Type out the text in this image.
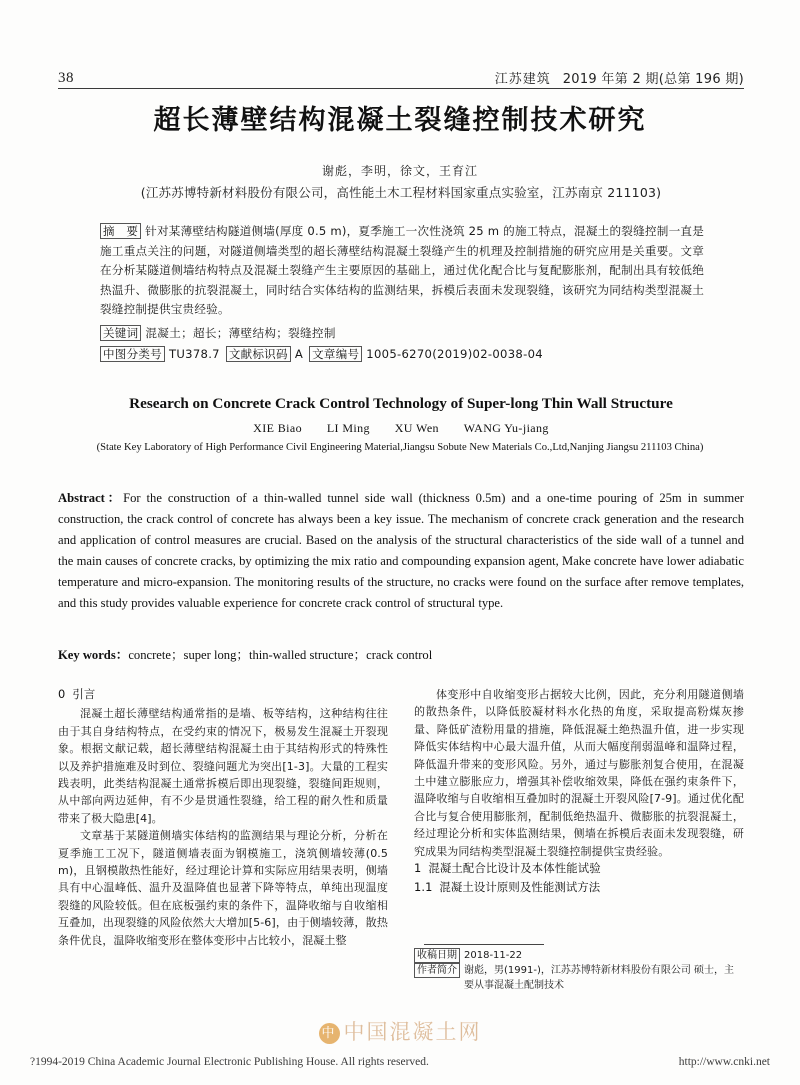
38	江苏建筑 2019 年第 2 期(总第 196 期)
超长薄壁结构混凝土裂缝控制技术研究
谢彪，李明，徐文，王育江
(江苏苏博特新材料股份有限公司，高性能土木工程材料国家重点实验室，江苏南京 211103)
摘　要 针对某薄壁结构隧道侧墙(厚度 0.5 m)，夏季施工一次性浇筑 25 m 的施工特点，混凝土的裂缝控制一直是施工重点关注的问题，对隧道侧墙类型的超长薄壁结构混凝土裂缝产生的机理及控制措施的研究应用是关重要。文章在分析某隧道侧墙结构特点及混凝土裂缝产生主要原因的基础上，通过优化配合比与复配膨胀剂，配制出具有较低绝热温升、微膨胀的抗裂混凝土，同时结合实体结构的监测结果，拆模后表面未发现裂缝，该研究为同结构类型混凝土裂缝控制提供宝贵经验。
关键词 混凝土；超长；薄壁结构；裂缝控制
中图分类号 TU378.7 文献标识码 A 文章编号 1005-6270(2019)02-0038-04
Research on Concrete Crack Control Technology of Super-long Thin Wall Structure
XIE Biao　　LI Ming　　XU Wen　　WANG Yu-jiang
(State Key Laboratory of High Performance Civil Engineering Material,Jiangsu Sobute New Materials Co.,Ltd,Nanjing Jiangsu 211103 China)
Abstract：For the construction of a thin-walled tunnel side wall (thickness 0.5m) and a one-time pouring of 25m in summer construction, the crack control of concrete has always been a key issue. The mechanism of concrete crack generation and the research and application of control measures are crucial. Based on the analysis of the structural characteristics of the side wall of a tunnel and the main causes of concrete cracks, by optimizing the mix ratio and compounding expansion agent, Make concrete have lower adiabatic temperature and micro-expansion. The monitoring results of the structure, no cracks were found on the surface after remove templates, and this study provides valuable experience for concrete crack control of structural type.
Key words：concrete；super long；thin-walled structure；crack control
0 引言

混凝土超长薄壁结构通常指的是墙、板等结构，这种结构往往由于其自身结构特点，在受约束的情况下，极易发生混凝土开裂现象。根据文献记载，超长薄壁结构混凝土由于其结构形式的特殊性以及养护措施难及时到位、裂缝问题尤为突出[1-3]。大量的工程实践表明，此类结构混凝土通常拆模后即出现裂缝，裂缝间距规则，从中部向两边延伸，有不少是贯通性裂缝，给工程的耐久性和质量带来了极大隐患[4]。

文章基于某隧道侧墙实体结构的监测结果与理论分析，分析在夏季施工工况下，隧道侧墙表面为钢模施工，浇筑侧墙较薄(0.5 m)，且钢模散热性能好，经过理论计算和实际应用结果表明，侧墙具有中心温峰低、温升及温降值也显著下降等特点，单纯出现温度裂缝的风险较低。但在底板强约束的条件下，温降收缩与自收缩相互叠加，出现裂缝的风险依然大大增加[5-6]，由于侧墙较薄，散热条件优良，温降收缩变形在整体变形中占比较小，混凝土整

体变形中自收缩变形占据较大比例，因此，充分利用隧道侧墙的散热条件，以降低胶凝材料水化热的角度，采取提高粉煤灰掺量、降低矿渣粉用量的措施，降低混凝土绝热温升值，进一步实现降低实体结构中心最大温升值，从而大幅度削弱温峰和温降过程，降低温升带来的变形风险。另外，通过与膨胀剂复合使用，在混凝土中建立膨胀应力，增强其补偿收缩效果，降低在强约束条件下，温降收缩与自收缩相互叠加时的混凝土开裂风险[7-9]。通过优化配合比与复合使用膨胀剂，配制低绝热温升、微膨胀的抗裂混凝土，经过理论分析和实体监测结果，侧墙在拆模后表面未发现裂缝，研究成果为同结构类型混凝土裂缝控制提供宝贵经验。

1 混凝土配合比设计及本体性能试验
1.1 混凝土设计原则及性能测试方法
收稿日期 2018-11-22
作者简介 谢彪，男(1991-)，江苏苏博特新材料股份有限公司 硕士，主要从事混凝土配制技术
中 中国混凝土网
?1994-2019 China Academic Journal Electronic Publishing House. All rights reserved.	http://www.cnki.net
